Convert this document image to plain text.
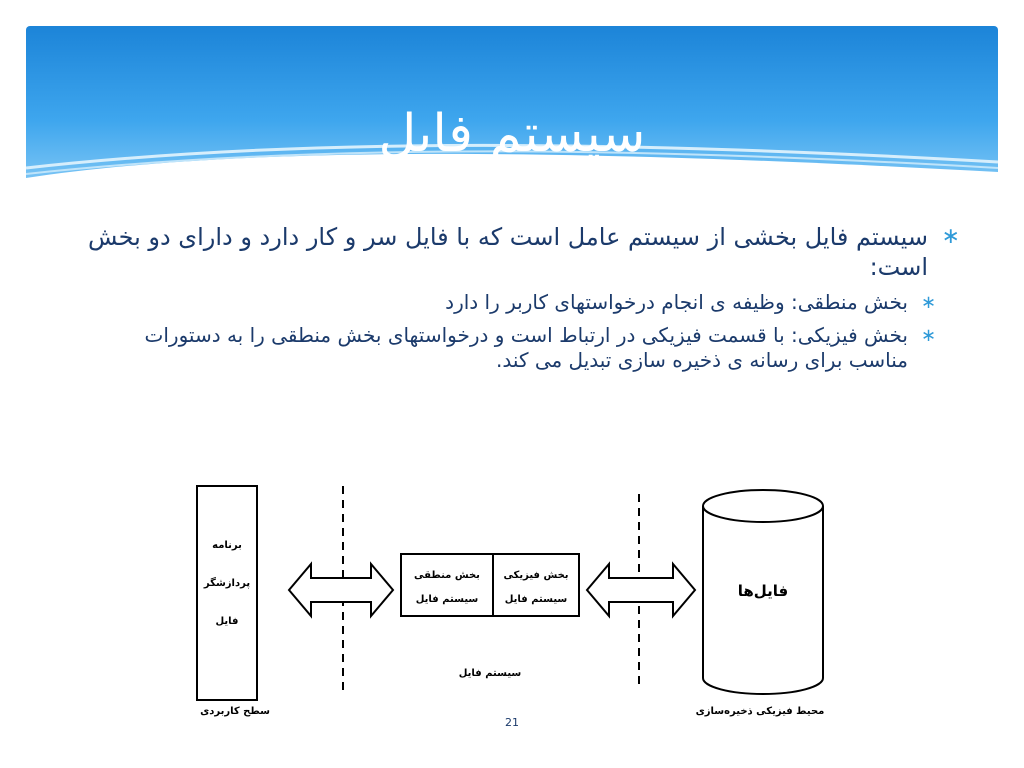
سیستم فایل
∗
سیستم فایل بخشی از سیستم عامل است که با فایل سر و کار دارد و دارای دو بخش است:
∗
بخش منطقی: وظیفه ی انجام درخواستهای کاربر را دارد
∗
بخش فیزیکی: با قسمت فیزیکی در ارتباط است و درخواستهای بخش منطقی را به دستورات مناسب برای رسانه ی ذخیره سازی تبدیل می کند.
برنامه
پردازشگر
فایل
سطح کاربردی
بخش منطقی
سیستم فایل
بخش فیزیکی
سیستم فایل
سیستم فایل
فایل‌ها
محیط فیزیکی ذخیره‌سازی
21
